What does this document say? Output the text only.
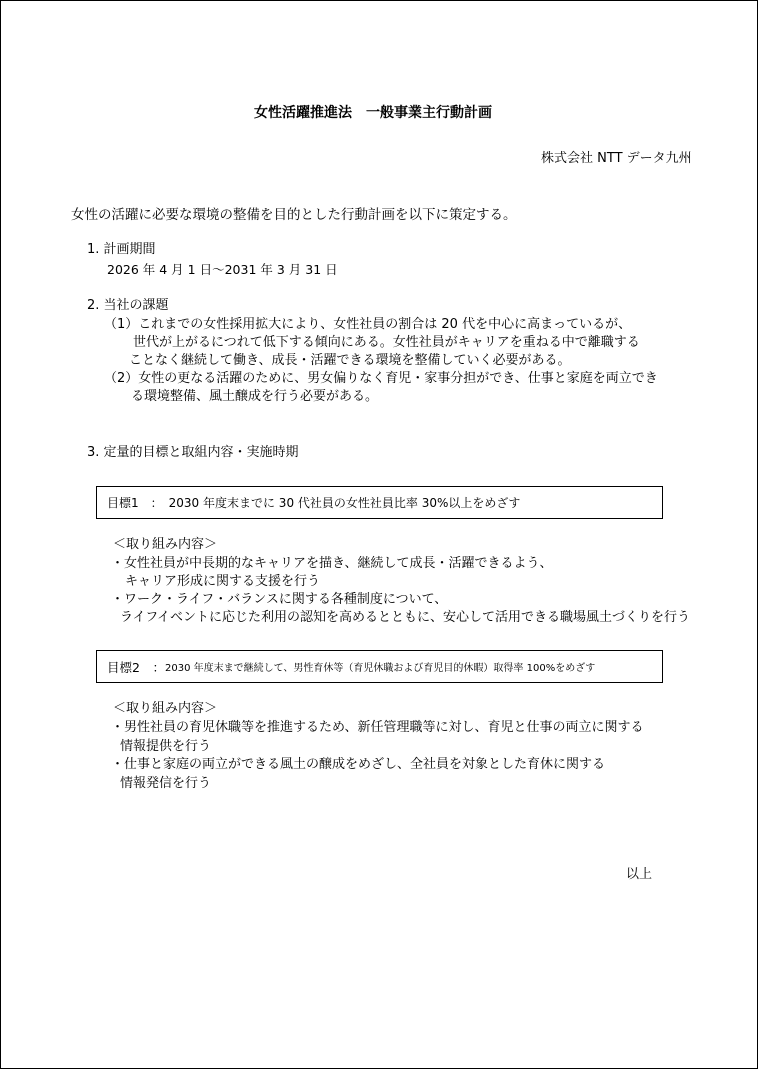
女性活躍推進法　一般事業主行動計画
株式会社 NTT データ九州
女性の活躍に必要な環境の整備を目的とした行動計画を以下に策定する。
1. 計画期間
2026 年 4 月 1 日～2031 年 3 月 31 日
2. 当社の課題
（1）これまでの女性採用拡大により、女性社員の割合は 20 代を中心に高まっているが、
世代が上がるにつれて低下する傾向にある。女性社員がキャリアを重ねる中で離職する
ことなく継続して働き、成長・活躍できる環境を整備していく必要がある。
（2）女性の更なる活躍のために、男女偏りなく育児・家事分担ができ、仕事と家庭を両立でき
る環境整備、風土醸成を行う必要がある。
3. 定量的目標と取組内容・実施時期
目標1　：　2030 年度末までに 30 代社員の女性社員比率 30%以上をめざす
＜取り組み内容＞
・女性社員が中長期的なキャリアを描き、継続して成長・活躍できるよう、
キャリア形成に関する支援を行う
・ワーク・ライフ・バランスに関する各種制度について、
ライフイベントに応じた利用の認知を高めるとともに、安心して活用できる職場風土づくりを行う
目標2　： 2030 年度末まで継続して、男性育休等（育児休職および育児目的休暇）取得率 100%をめざす
＜取り組み内容＞
・男性社員の育児休職等を推進するため、新任管理職等に対し、育児と仕事の両立に関する
情報提供を行う
・仕事と家庭の両立ができる風土の醸成をめざし、全社員を対象とした育休に関する
情報発信を行う
以上
